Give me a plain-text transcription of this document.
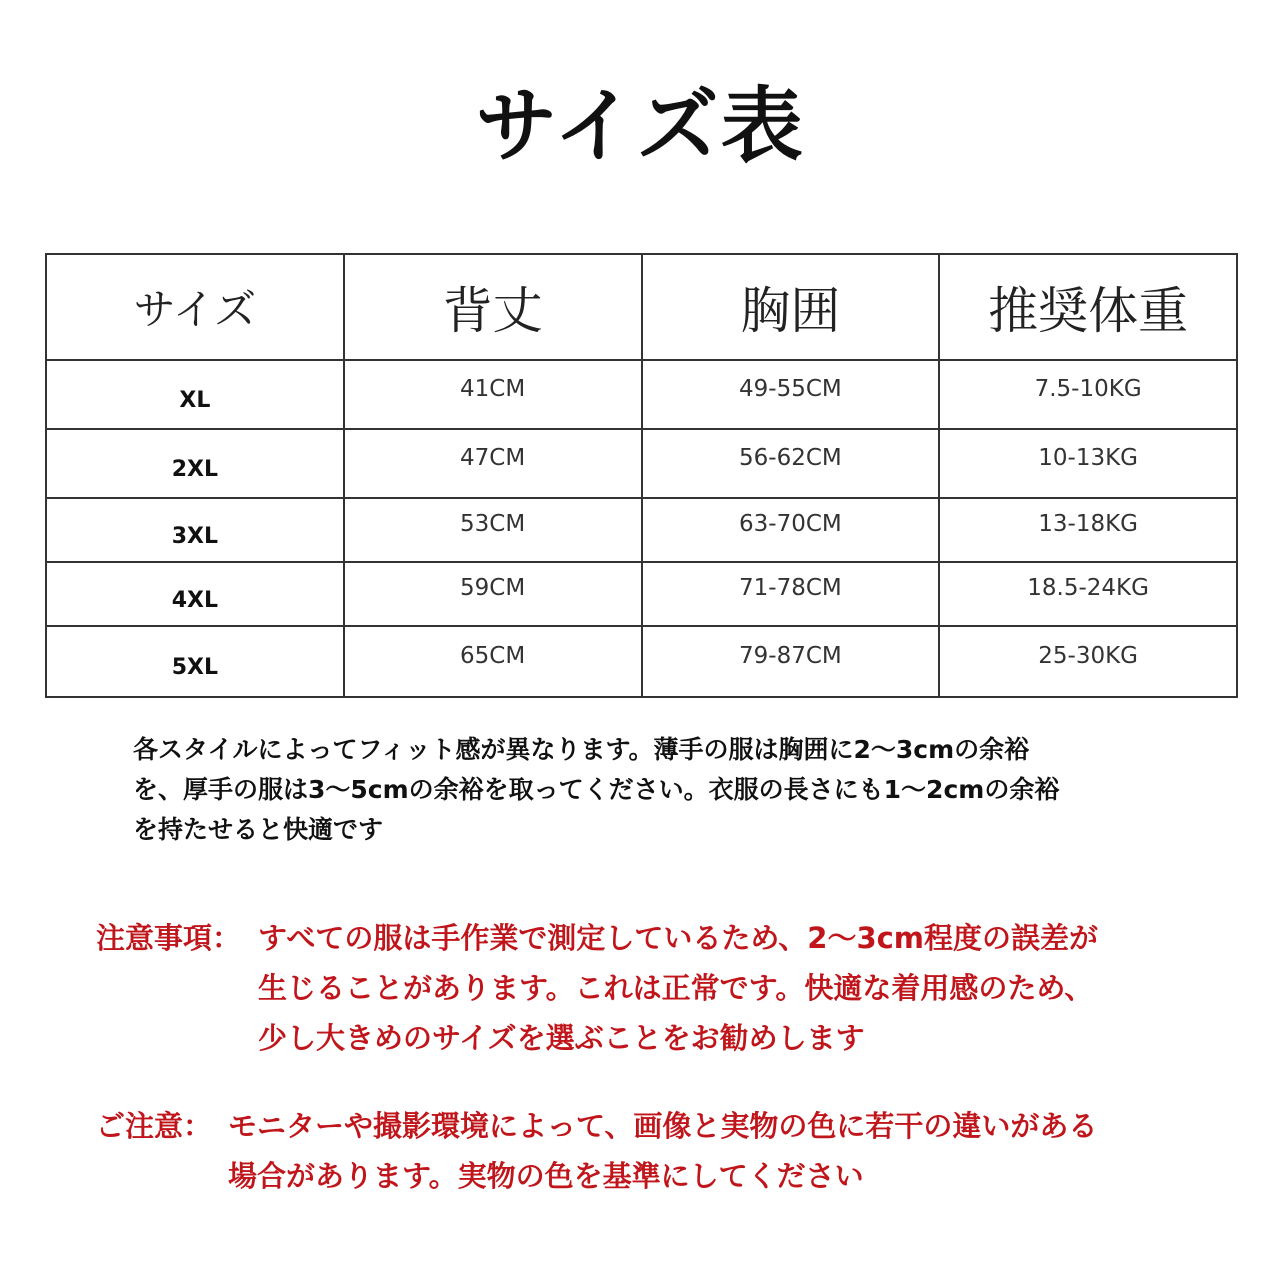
サイズ表
サイズ	背丈	胸囲	推奨体重
XL	41CM	49-55CM	7.5-10KG
2XL	47CM	56-62CM	10-13KG
3XL	53CM	63-70CM	13-18KG
4XL	59CM	71-78CM	18.5-24KG
5XL	65CM	79-87CM	25-30KG
各スタイルによってフィット感が異なります。薄手の服は胸囲に2～3cmの余裕
を、厚手の服は3～5cmの余裕を取ってください。衣服の長さにも1～2cmの余裕
を持たせると快適です
注意事項： すべての服は手作業で測定しているため、2～3cm程度の誤差が
生じることがあります。これは正常です。快適な着用感のため、
少し大きめのサイズを選ぶことをお勧めします
ご注意： モニターや撮影環境によって、画像と実物の色に若干の違いがある
場合があります。実物の色を基準にしてください
